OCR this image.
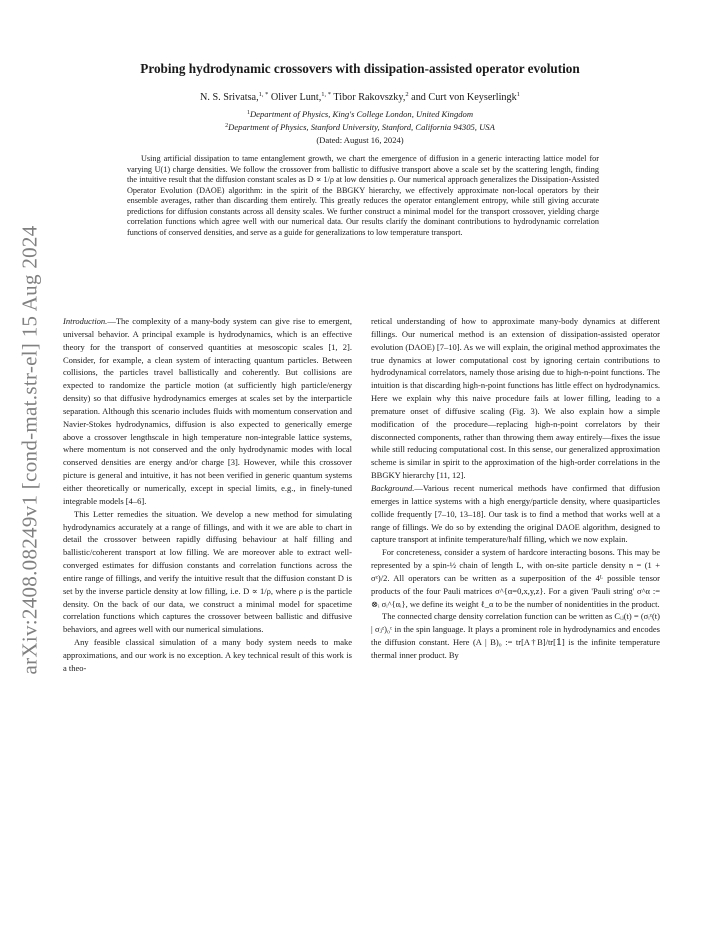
arXiv:2408.08249v1 [cond-mat.str-el] 15 Aug 2024
Probing hydrodynamic crossovers with dissipation-assisted operator evolution
N. S. Srivatsa,$^{1, *}$ Oliver Lunt,$^{1, *}$ Tibor Rakovszky,$^2$ and Curt von Keyserlingk$^1$
$^1$Department of Physics, King's College London, United Kingdom
$^2$Department of Physics, Stanford University, Stanford, California 94305, USA
(Dated: August 16, 2024)

Using artificial dissipation to tame entanglement growth, we chart the emergence of diffusion in a generic interacting lattice model for varying U(1) charge densities. We follow the crossover from ballistic to diffusive transport above a scale set by the scattering length, finding the intuitive result that the diffusion constant scales as D ∝ 1/ρ at low densities ρ. Our numerical approach generalizes the Dissipation-Assisted Operator Evolution (DAOE) algorithm: in the spirit of the BBGKY hierarchy, we effectively approximate non-local operators by their ensemble averages, rather than discarding them entirely. This greatly reduces the operator entanglement entropy, while still giving accurate predictions for diffusion constants across all density scales. We further construct a minimal model for the transport crossover, yielding charge correlation functions which agree well with our numerical data. Our results clarify the dominant contributions to hydrodynamic correlation functions of conserved densities, and serve as a guide for generalizations to low temperature transport.

Introduction.—The complexity of a many-body system can give rise to emergent, universal behavior. A principal example is hydrodynamics, which is an effective theory for the transport of conserved quantities at mesoscopic scales [1, 2]. Consider, for example, a clean system of interacting quantum particles. Between collisions, the particles travel ballistically and coherently. But collisions are expected to randomize the particle motion (at sufficiently high particle/energy density) so that diffusive hydrodynamics emerges at scales set by the interparticle separation. Although this scenario includes fluids with momentum conservation and Navier-Stokes hydrodynamics, diffusion is also expected to generically emerge above a crossover lengthscale in high temperature non-integrable lattice systems, where momentum is not conserved and the only hydrodynamic modes with local conserved densities are energy and/or charge [3]. However, while this crossover picture is general and intuitive, it has not been verified in generic quantum systems either theoretically or numerically, except in special limits, e.g., in finely-tuned integrable models [4–6].

This Letter remedies the situation. We develop a new method for simulating hydrodynamics accurately at a range of fillings, and with it we are able to chart in detail the crossover between rapidly diffusing behaviour at half filling and ballistic/coherent transport at low filling. We are moreover able to extract well-converged estimates for diffusion constants and correlation functions across the entire range of fillings, and verify the intuitive result that the diffusion constant D is set by the inverse particle density at low filling, i.e. D ∝ 1/ρ, where ρ is the particle density. On the back of our data, we construct a minimal model for spacetime correlation functions which captures the crossover between ballistic and diffusive behaviors, and agrees well with our numerical simulations.

Any feasible classical simulation of a many body system needs to make approximations, and our work is no exception. A key technical result of this work is a theo-

retical understanding of how to approximate many-body dynamics at different fillings. Our numerical method is an extension of dissipation-assisted operator evolution (DAOE) [7–10]. As we will explain, the original method approximates the true dynamics at lower computational cost by ignoring certain contributions to hydrodynamical correlators, namely those arising due to high-n-point functions. The intuition is that discarding high-n-point functions has little effect on hydrodynamics. Here we explain why this naive procedure fails at lower filling, leading to a premature onset of diffusive scaling (Fig. 3). We also explain how a simple modification of the procedure—replacing high-n-point correlators by their disconnected components, rather than throwing them away entirely—fixes the issue while still reducing computational cost. In this sense, our generalized approximation scheme is similar in spirit to the approximation of the high-order correlations in the BBGKY hierarchy [11, 12].

Background.—Various recent numerical methods have confirmed that diffusion emerges in lattice systems with a high energy/particle density, where quasiparticles collide frequently [7–10, 13–18]. Our task is to find a method that works well at a range of fillings. We do so by extending the original DAOE algorithm, designed to capture transport at infinite temperature/half filling, which we now explain.

For concreteness, consider a system of hardcore interacting bosons. This may be represented by a spin-½ chain of length L, with on-site particle density n = (1 + σᶻ)/2. All operators can be written as a superposition of the 4ᴸ possible tensor products of the four Pauli matrices σ^{α=0,x,y,z}. For a given 'Pauli string' σ^α := ⊗ᵢ σᵢ^{αᵢ}, we define its weight ℓ_α to be the number of nonidentities in the product.

The connected charge density correlation function can be written as Cᵢⱼ(t) = (σᵢᶻ(t) | σⱼᶻ)₀ᶜ in the spin language. It plays a prominent role in hydrodynamics and encodes the diffusion constant. Here (A | B)₀ := tr[A†B]/tr[𝟙] is the infinite temperature thermal inner product. By
